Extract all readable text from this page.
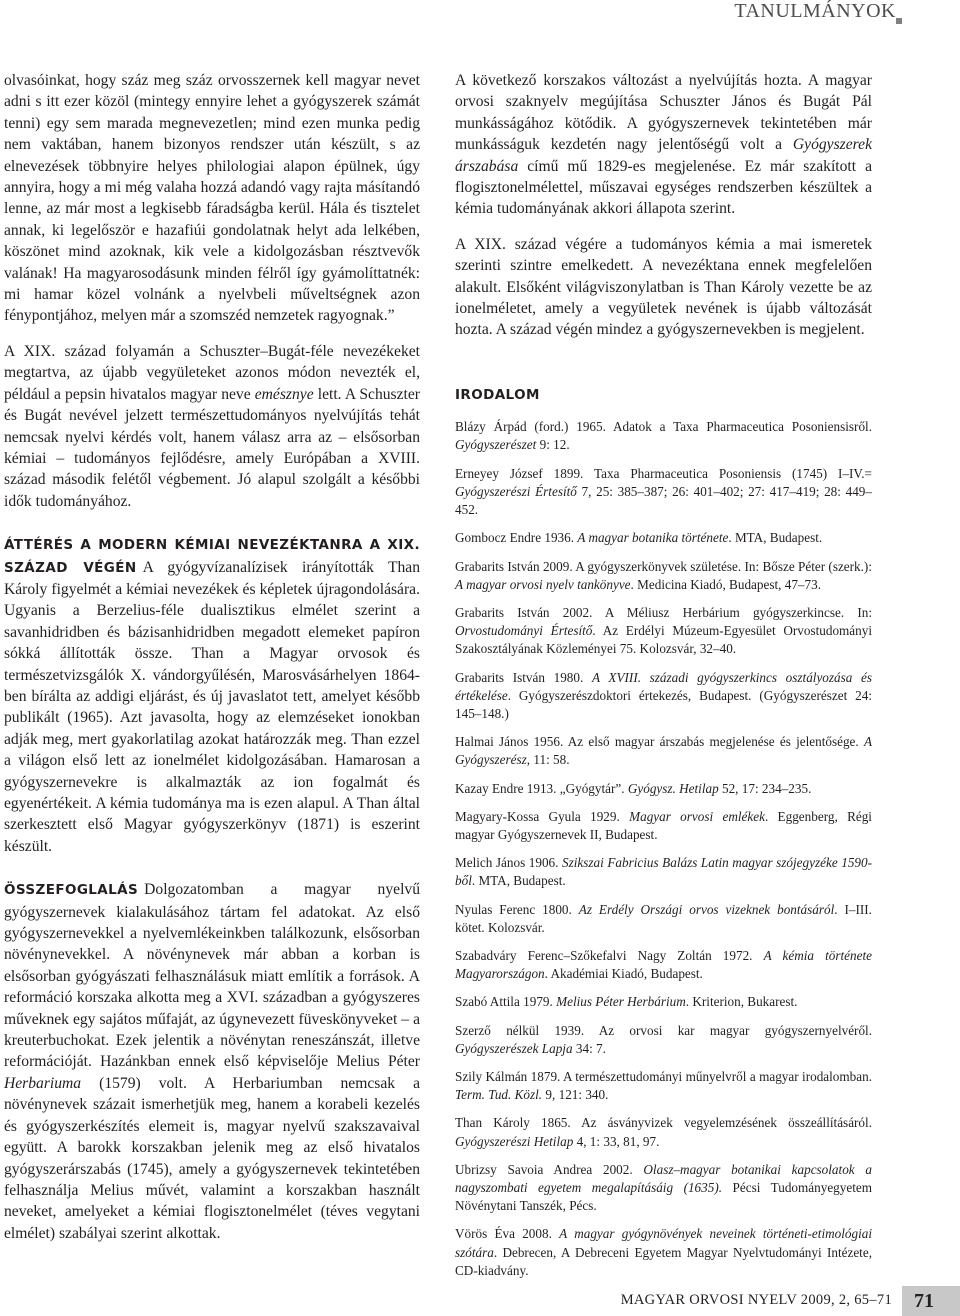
TANULMÁNYOK

olvasóinkat, hogy száz meg száz orvosszernek kell magyar nevet adni s itt ezer közöl (mintegy ennyire lehet a gyógyszerek számát tenni) egy sem marada megnevezetlen; mind ezen munka pedig nem vaktában, hanem bizonyos rendszer után készült, s az elnevezések többnyire helyes philologiai alapon épülnek, úgy annyira, hogy a mi még valaha hozzá adandó vagy rajta másítandó lenne, az már most a legkisebb fáradságba kerül. Hála és tisztelet annak, ki legelőször e hazafiúi gondolatnak helyt ada lelkében, köszönet mind azoknak, kik vele a kidolgozásban résztvevők valának! Ha magyarosodásunk minden félről így gyámolíttatnék: mi hamar közel volnánk a nyelvbeli műveltségnek azon fénypontjához, melyen már a szomszéd nemzetek ragyognak.”

A XIX. század folyamán a Schuszter–Bugát-féle nevezékeket megtartva, az újabb vegyületeket azonos módon nevezték el, például a pepsin hivatalos magyar neve emésznye lett. A Schuszter és Bugát nevével jelzett természettudományos nyelvújítás tehát nemcsak nyelvi kérdés volt, hanem válasz arra az – elsősorban kémiai – tudományos fejlődésre, amely Európában a XVIII. század második felétől végbement. Jó alapul szolgált a későbbi idők tudományához.

ÁTTÉRÉS A MODERN KÉMIAI NEVEZÉKTANRA A XIX. SZÁZAD VÉGÉN A gyógyvízanalízisek irányították Than Károly figyelmét a kémiai nevezékek és képletek újragondolására. Ugyanis a Berzelius-féle dualisztikus elmélet szerint a savanhidridben és bázisanhidridben megadott elemeket papíron sókká állították össze. Than a Magyar orvosok és természetvizsgálók X. vándorgyűlésén, Marosvásárhelyen 1864-ben bírálta az addigi eljárást, és új javaslatot tett, amelyet később publikált (1965). Azt javasolta, hogy az elemzéseket ionokban adják meg, mert gyakorlatilag azokat határozzák meg. Than ezzel a világon első lett az ionelmélet kidolgozásában. Hamarosan a gyógyszernevekre is alkalmazták az ion fogalmát és egyenértékeit. A kémia tudománya ma is ezen alapul. A Than által szerkesztett első Magyar gyógyszerkönyv (1871) is eszerint készült.

ÖSSZEFOGLALÁS Dolgozatomban a magyar nyelvű gyógyszernevek kialakulásához tártam fel adatokat. Az első gyógyszernevekkel a nyelvemlékeinkben találkozunk, elsősorban növénynevekkel. A növénynevek már abban a korban is elsősorban gyógyászati felhasználásuk miatt említik a források. A reformáció korszaka alkotta meg a XVI. században a gyógyszeres műveknek egy sajátos műfaját, az úgynevezett füveskönyveket – a kreuterbuchokat. Ezek jelentik a növénytan reneszánszát, illetve reformációját. Hazánkban ennek első képviselője Melius Péter Herbariuma (1579) volt. A Herbariumban nemcsak a növénynevek százait ismerhetjük meg, hanem a korabeli kezelés és gyógyszerkészítés elemeit is, magyar nyelvű szakszavaival együtt. A barokk korszakban jelenik meg az első hivatalos gyógyszerárszabás (1745), amely a gyógyszernevek tekintetében felhasználja Melius művét, valamint a korszakban használt neveket, amelyeket a kémiai flogisztonelmélet (téves vegytani elmélet) szabályai szerint alkottak.

A következő korszakos változást a nyelvújítás hozta. A magyar orvosi szaknyelv megújítása Schuszter János és Bugát Pál munkásságához kötődik. A gyógyszernevek tekintetében már munkásságuk kezdetén nagy jelentőségű volt a Gyógyszerek árszabása című mű 1829-es megjelenése. Ez már szakított a flogisztonelmélettel, műszavai egységes rendszerben készültek a kémia tudományának akkori állapota szerint.

A XIX. század végére a tudományos kémia a mai ismeretek szerinti szintre emelkedett. A nevezéktana ennek megfelelően alakult. Elsőként világviszonylatban is Than Károly vezette be az ionelméletet, amely a vegyületek nevének is újabb változását hozta. A század végén mindez a gyógyszernevekben is megjelent.

IRODALOM
Blázy Árpád (ford.) 1965. Adatok a Taxa Pharmaceutica Posoniensisről. Gyógyszerészet 9: 12.
Erneyey József 1899. Taxa Pharmaceutica Posoniensis (1745) I–IV.= Gyógyszerészi Értesítő 7, 25: 385–387; 26: 401–402; 27: 417–419; 28: 449–452.
Gombocz Endre 1936. A magyar botanika története. MTA, Budapest.
Grabarits István 2009. A gyógyszerkönyvek születése. In: Bősze Péter (szerk.): A magyar orvosi nyelv tankönyve. Medicina Kiadó, Budapest, 47–73.
Grabarits István 2002. A Méliusz Herbárium gyógyszerkincse. In: Orvostudományi Értesítő. Az Erdélyi Múzeum-Egyesület Orvostudományi Szakosztályának Közleményei 75. Kolozsvár, 32–40.
Grabarits István 1980. A XVIII. századi gyógyszerkincs osztályozása és értékelése. Gyógyszerészdoktori értekezés, Budapest. (Gyógyszerészet 24: 145–148.)
Halmai János 1956. Az első magyar árszabás megjelenése és jelentősége. A Gyógyszerész, 11: 58.
Kazay Endre 1913. „Gyógytár”. Gyógysz. Hetilap 52, 17: 234–235.
Magyary-Kossa Gyula 1929. Magyar orvosi emlékek. Eggenberg, Régi magyar Gyógyszernevek II, Budapest.
Melich János 1906. Szikszai Fabricius Balázs Latin magyar szójegyzéke 1590-ből. MTA, Budapest.
Nyulas Ferenc 1800. Az Erdély Országi orvos vizeknek bontásáról. I–III. kötet. Kolozsvár.
Szabadváry Ferenc–Szőkefalvi Nagy Zoltán 1972. A kémia története Magyarországon. Akadémiai Kiadó, Budapest.
Szabó Attila 1979. Melius Péter Herbárium. Kriterion, Bukarest.
Szerző nélkül 1939. Az orvosi kar magyar gyógyszernyelvéről. Gyógyszerészek Lapja 34: 7.
Szily Kálmán 1879. A természettudományi műnyelvről a magyar irodalomban. Term. Tud. Közl. 9, 121: 340.
Than Károly 1865. Az ásványvizek vegyelemzésének összeállításáról. Gyógyszerészi Hetilap 4, 1: 33, 81, 97.
Ubrizsy Savoia Andrea 2002. Olasz–magyar botanikai kapcsolatok a nagyszombati egyetem megalapításáig (1635). Pécsi Tudományegyetem Növénytani Tanszék, Pécs.
Vörös Éva 2008. A magyar gyógynövények neveinek történeti-etimológiai szótára. Debrecen, A Debreceni Egyetem Magyar Nyelvtudományi Intézete, CD-kiadvány.
MAGYAR ORVOSI NYELV 2009, 2, 65–71	71
